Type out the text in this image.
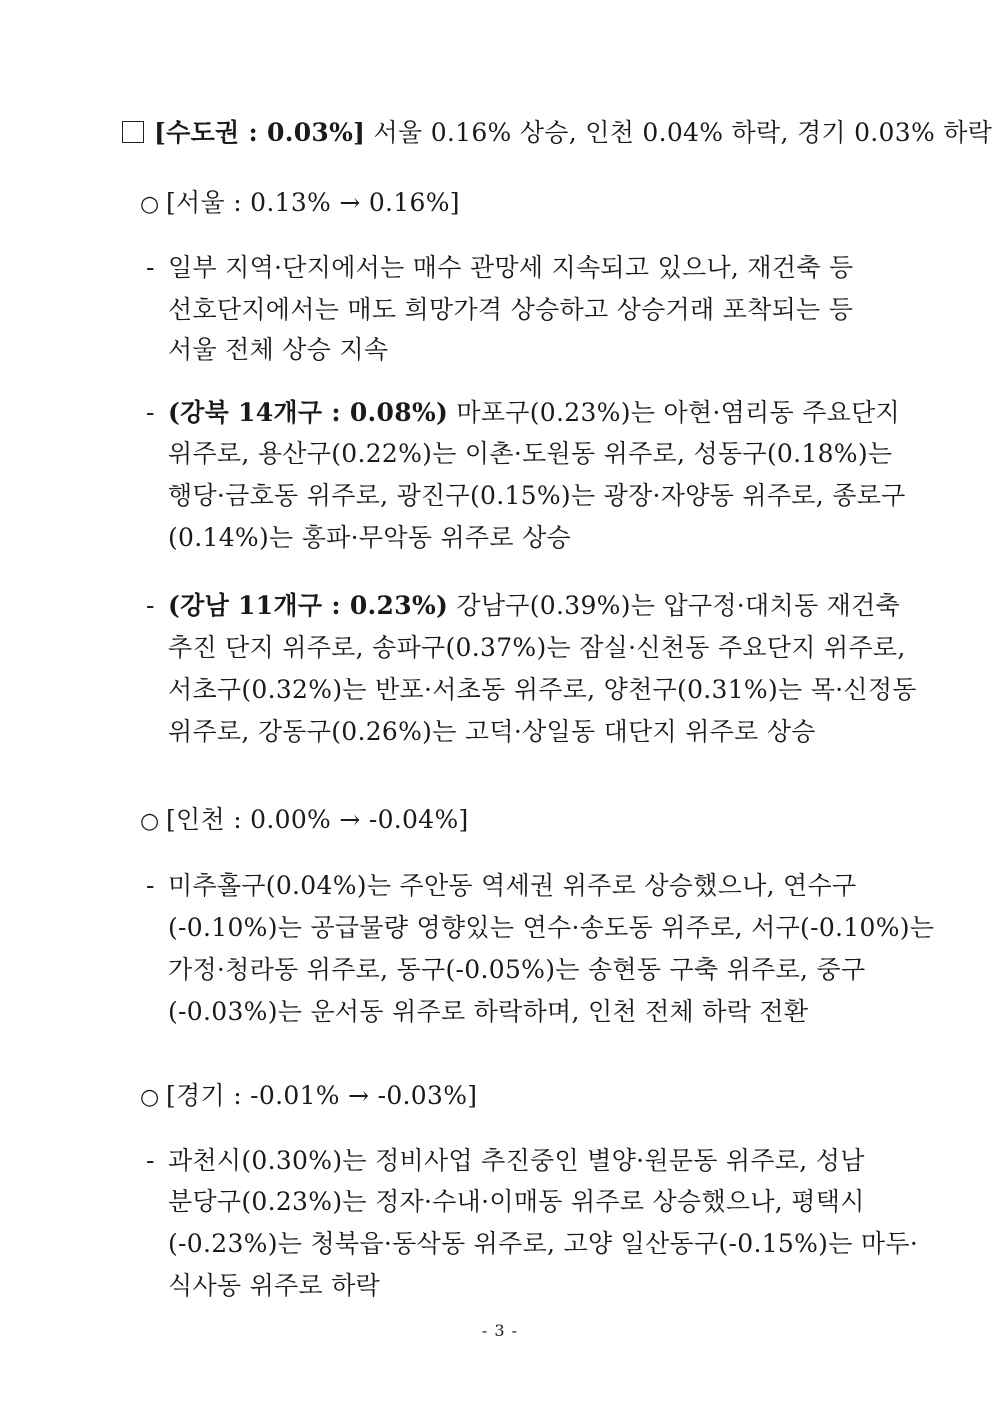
[수도권 : 0.03%] 서울 0.16% 상승, 인천 0.04% 하락, 경기 0.03% 하락
○ [서울 : 0.13% → 0.16%]
- 일부 지역·단지에서는 매수 관망세 지속되고 있으나, 재건축 등
선호단지에서는 매도 희망가격 상승하고 상승거래 포착되는 등
서울 전체 상승 지속
- (강북 14개구 : 0.08%) 마포구(0.23%)는 아현·염리동 주요단지
위주로, 용산구(0.22%)는 이촌·도원동 위주로, 성동구(0.18%)는
행당·금호동 위주로, 광진구(0.15%)는 광장·자양동 위주로, 종로구
(0.14%)는 홍파·무악동 위주로 상승
- (강남 11개구 : 0.23%) 강남구(0.39%)는 압구정·대치동 재건축
추진 단지 위주로, 송파구(0.37%)는 잠실·신천동 주요단지 위주로,
서초구(0.32%)는 반포·서초동 위주로, 양천구(0.31%)는 목·신정동
위주로, 강동구(0.26%)는 고덕·상일동 대단지 위주로 상승
○ [인천 : 0.00% → -0.04%]
- 미추홀구(0.04%)는 주안동 역세권 위주로 상승했으나, 연수구
(-0.10%)는 공급물량 영향있는 연수·송도동 위주로, 서구(-0.10%)는
가정·청라동 위주로, 동구(-0.05%)는 송현동 구축 위주로, 중구
(-0.03%)는 운서동 위주로 하락하며, 인천 전체 하락 전환
○ [경기 : -0.01% → -0.03%]
- 과천시(0.30%)는 정비사업 추진중인 별양·원문동 위주로, 성남
분당구(0.23%)는 정자·수내·이매동 위주로 상승했으나, 평택시
(-0.23%)는 청북읍·동삭동 위주로, 고양 일산동구(-0.15%)는 마두·
식사동 위주로 하락
- 3 -
